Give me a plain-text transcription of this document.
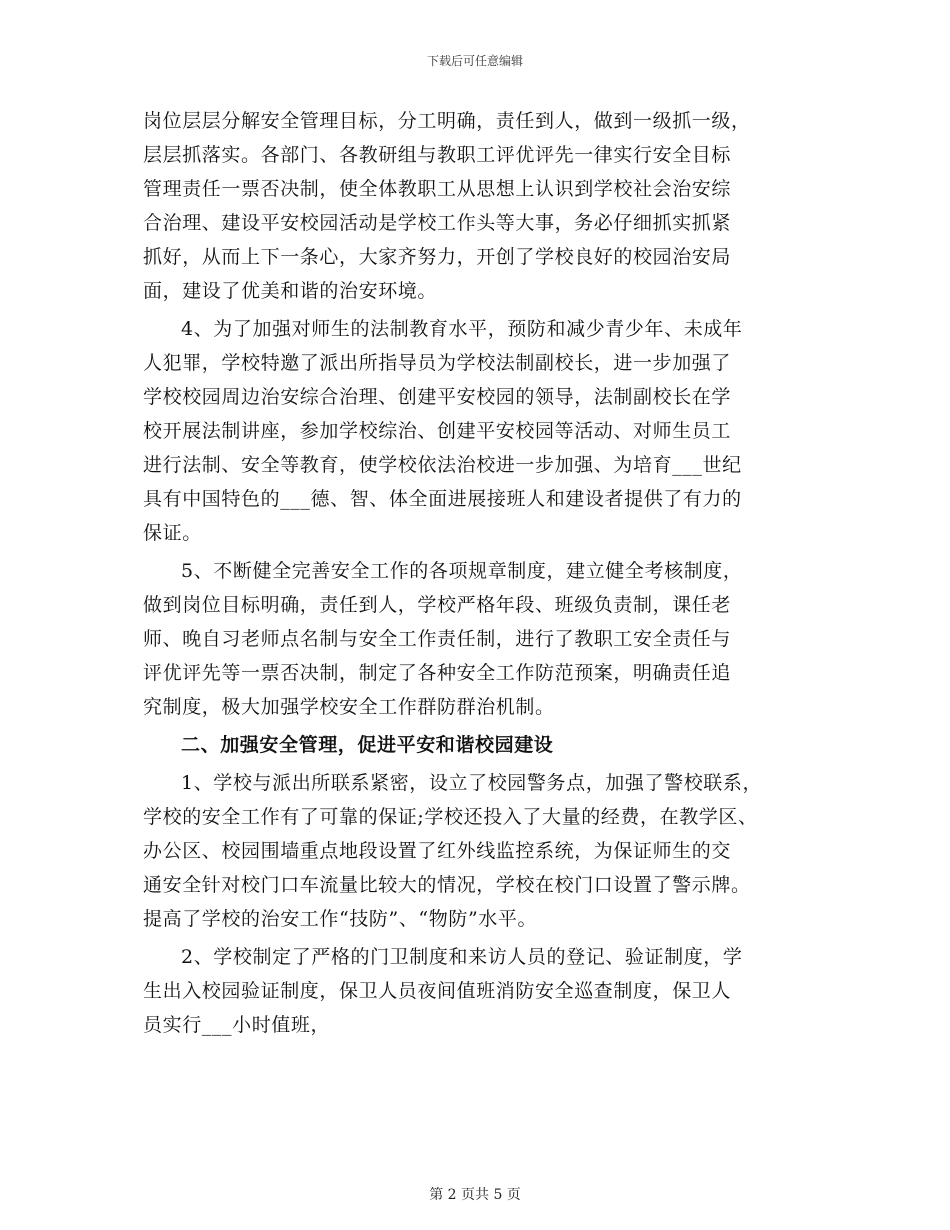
下载后可任意编辑
岗位层层分解安全管理目标，分工明确，责任到人，做到一级抓一级，
层层抓落实。各部门、各教研组与教职工评优评先一律实行安全目标
管理责任一票否决制，使全体教职工从思想上认识到学校社会治安综
合治理、建设平安校园活动是学校工作头等大事，务必仔细抓实抓紧
抓好，从而上下一条心，大家齐努力，开创了学校良好的校园治安局
面，建设了优美和谐的治安环境。
4、为了加强对师生的法制教育水平，预防和减少青少年、未成年
人犯罪，学校特邀了派出所指导员为学校法制副校长，进一步加强了
学校校园周边治安综合治理、创建平安校园的领导，法制副校长在学
校开展法制讲座，参加学校综治、创建平安校园等活动、对师生员工
进行法制、安全等教育，使学校依法治校进一步加强、为培育___世纪
具有中国特色的___德、智、体全面进展接班人和建设者提供了有力的
保证。
5、不断健全完善安全工作的各项规章制度，建立健全考核制度，
做到岗位目标明确，责任到人，学校严格年段、班级负责制，课任老
师、晚自习老师点名制与安全工作责任制，进行了教职工安全责任与
评优评先等一票否决制，制定了各种安全工作防范预案，明确责任追
究制度，极大加强学校安全工作群防群治机制。
二、加强安全管理，促进平安和谐校园建设
1、学校与派出所联系紧密，设立了校园警务点，加强了警校联系，
学校的安全工作有了可靠的保证;学校还投入了大量的经费，在教学区、
办公区、校园围墙重点地段设置了红外线监控系统，为保证师生的交
通安全针对校门口车流量比较大的情况，学校在校门口设置了警示牌。
提高了学校的治安工作“技防”、“物防”水平。
2、学校制定了严格的门卫制度和来访人员的登记、验证制度，学
生出入校园验证制度，保卫人员夜间值班消防安全巡查制度，保卫人
员实行___小时值班，
第 2 页共 5 页
